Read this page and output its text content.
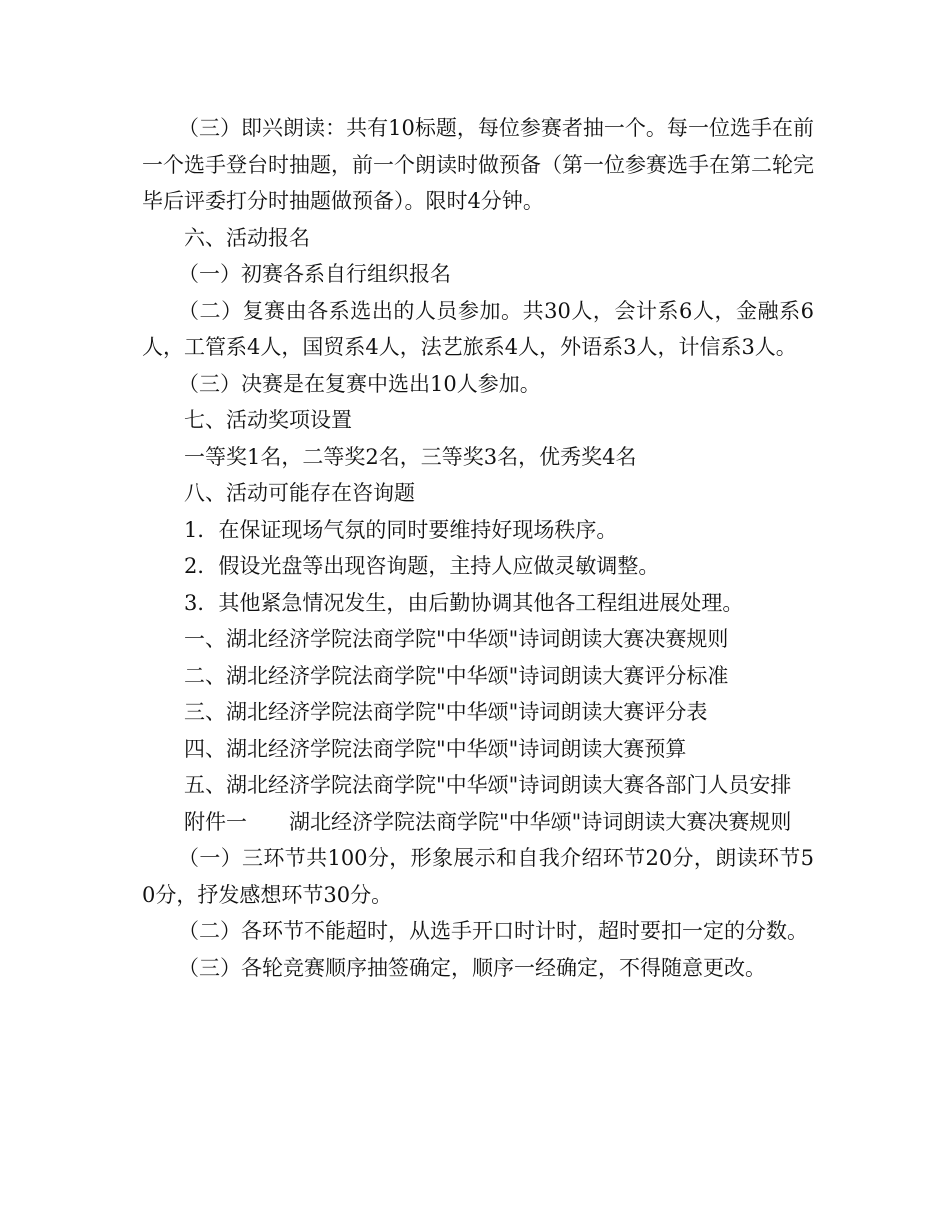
（三）即兴朗读：共有10标题，每位参赛者抽一个。每一位选手在前一个选手登台时抽题，前一个朗读时做预备（第一位参赛选手在第二轮完毕后评委打分时抽题做预备）。限时4分钟。

六、活动报名

（一）初赛各系自行组织报名

（二）复赛由各系选出的人员参加。共30人，会计系6人，金融系6人，工管系4人，国贸系4人，法艺旅系4人，外语系3人，计信系3人。

（三）决赛是在复赛中选出10人参加。

七、活动奖项设置

一等奖1名，二等奖2名，三等奖3名，优秀奖4名

八、活动可能存在咨询题

1．在保证现场气氛的同时要维持好现场秩序。

2．假设光盘等出现咨询题，主持人应做灵敏调整。

3．其他紧急情况发生，由后勤协调其他各工程组进展处理。

一、湖北经济学院法商学院"中华颂"诗词朗读大赛决赛规则

二、湖北经济学院法商学院"中华颂"诗词朗读大赛评分标准

三、湖北经济学院法商学院"中华颂"诗词朗读大赛评分表

四、湖北经济学院法商学院"中华颂"诗词朗读大赛预算

五、湖北经济学院法商学院"中华颂"诗词朗读大赛各部门人员安排

附件一　　湖北经济学院法商学院"中华颂"诗词朗读大赛决赛规则

（一）三环节共100分，形象展示和自我介绍环节20分，朗读环节50分，抒发感想环节30分。

（二）各环节不能超时，从选手开口时计时，超时要扣一定的分数。

（三）各轮竞赛顺序抽签确定，顺序一经确定，不得随意更改。
